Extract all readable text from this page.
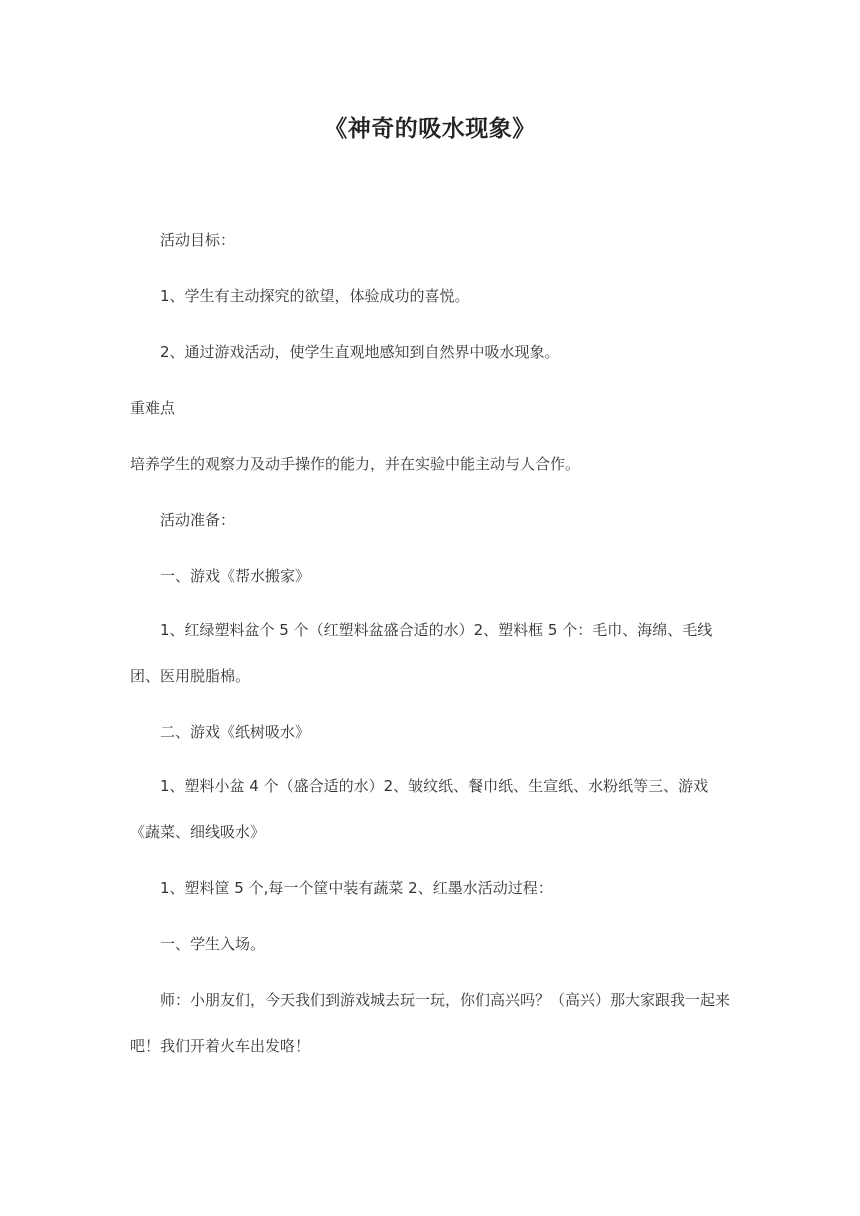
《神奇的吸水现象》

活动目标：

1、学生有主动探究的欲望，体验成功的喜悦。

2、通过游戏活动，使学生直观地感知到自然界中吸水现象。

重难点

培养学生的观察力及动手操作的能力，并在实验中能主动与人合作。

活动准备：

一、游戏《帮水搬家》

1、红绿塑料盆个 5 个（红塑料盆盛合适的水）2、塑料框 5 个：毛巾、海绵、毛线团、医用脱脂棉。

二、游戏《纸树吸水》

1、塑料小盆 4 个（盛合适的水）2、皱纹纸、餐巾纸、生宣纸、水粉纸等三、游戏《蔬菜、细线吸水》

1、塑料筐 5 个,每一个筐中装有蔬菜 2、红墨水活动过程：

一、学生入场。

师：小朋友们，今天我们到游戏城去玩一玩，你们高兴吗？（高兴）那大家跟我一起来吧！我们开着火车出发咯！
